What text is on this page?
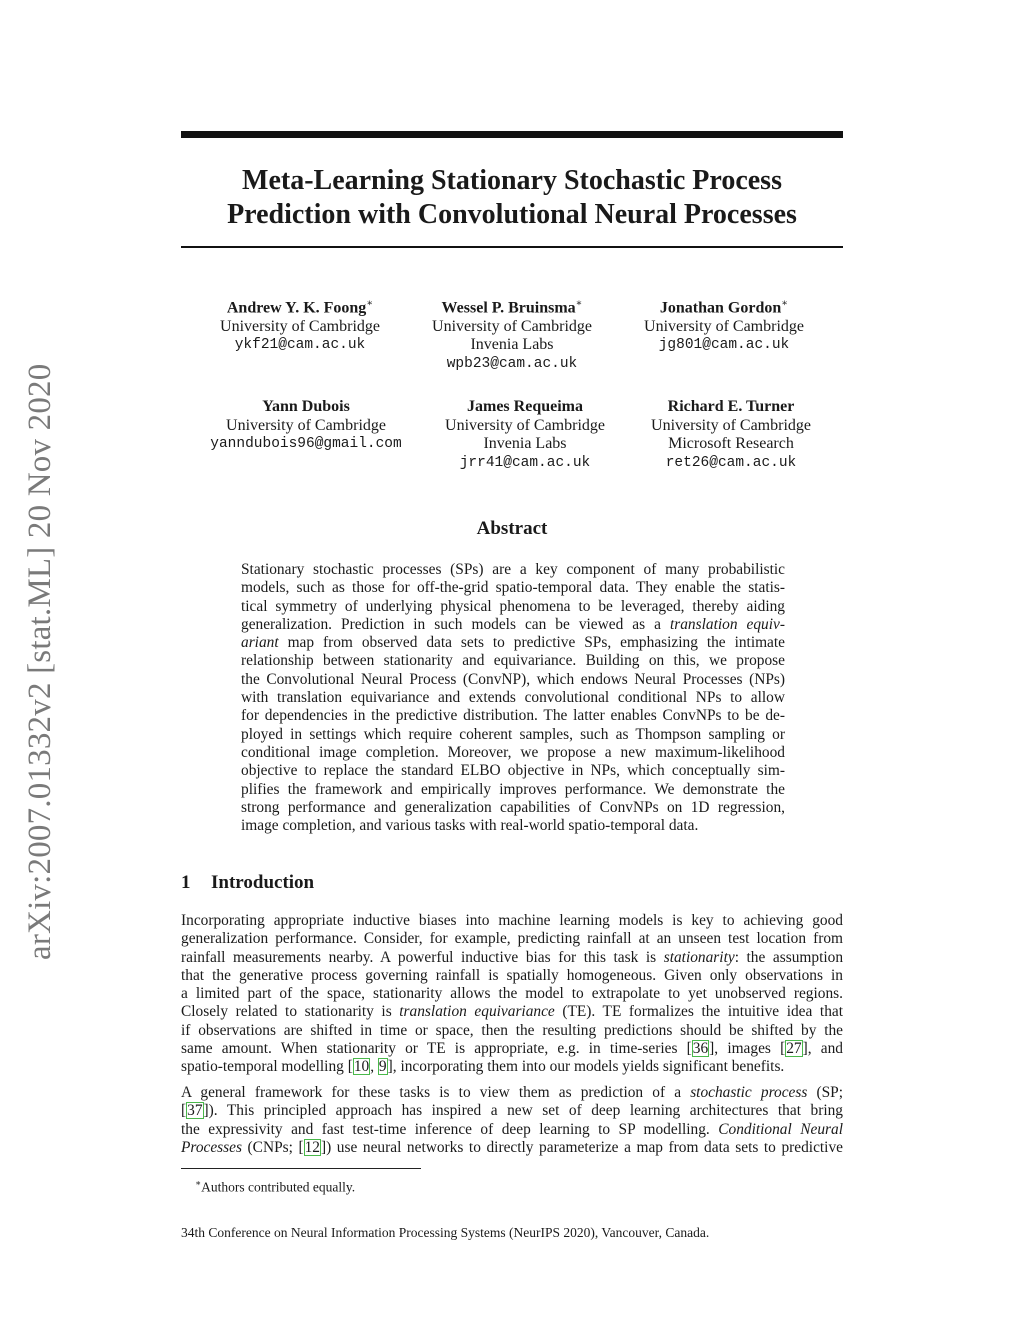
arXiv:2007.01332v2 [stat.ML] 20 Nov 2020
Meta-Learning Stationary Stochastic Process
Prediction with Convolutional Neural Processes
Andrew Y. K. Foong∗
University of Cambridge
ykf21@cam.ac.uk
Wessel P. Bruinsma∗
University of Cambridge
Invenia Labs
wpb23@cam.ac.uk
Jonathan Gordon∗
University of Cambridge
jg801@cam.ac.uk
Yann Dubois
University of Cambridge
yanndubois96@gmail.com
James Requeima
University of Cambridge
Invenia Labs
jrr41@cam.ac.uk
Richard E. Turner
University of Cambridge
Microsoft Research
ret26@cam.ac.uk
Abstract
Stationary stochastic processes (SPs) are a key component of many probabilistic
models, such as those for off-the-grid spatio-temporal data. They enable the statis-
tical symmetry of underlying physical phenomena to be leveraged, thereby aiding
generalization. Prediction in such models can be viewed as a translation equiv-
ariant map from observed data sets to predictive SPs, emphasizing the intimate
relationship between stationarity and equivariance. Building on this, we propose
the Convolutional Neural Process (ConvNP), which endows Neural Processes (NPs)
with translation equivariance and extends convolutional conditional NPs to allow
for dependencies in the predictive distribution. The latter enables ConvNPs to be de-
ployed in settings which require coherent samples, such as Thompson sampling or
conditional image completion. Moreover, we propose a new maximum-likelihood
objective to replace the standard ELBO objective in NPs, which conceptually sim-
plifies the framework and empirically improves performance. We demonstrate the
strong performance and generalization capabilities of ConvNPs on 1D regression,
image completion, and various tasks with real-world spatio-temporal data.
1 Introduction
Incorporating appropriate inductive biases into machine learning models is key to achieving good
generalization performance. Consider, for example, predicting rainfall at an unseen test location from
rainfall measurements nearby. A powerful inductive bias for this task is stationarity: the assumption
that the generative process governing rainfall is spatially homogeneous. Given only observations in
a limited part of the space, stationarity allows the model to extrapolate to yet unobserved regions.
Closely related to stationarity is translation equivariance (TE). TE formalizes the intuitive idea that
if observations are shifted in time or space, then the resulting predictions should be shifted by the
same amount. When stationarity or TE is appropriate, e.g. in time-series [36], images [27], and
spatio-temporal modelling [10, 9], incorporating them into our models yields significant benefits.
A general framework for these tasks is to view them as prediction of a stochastic process (SP;
[37]). This principled approach has inspired a new set of deep learning architectures that bring
the expressivity and fast test-time inference of deep learning to SP modelling. Conditional Neural
Processes (CNPs; [12]) use neural networks to directly parameterize a map from data sets to predictive
∗Authors contributed equally.
34th Conference on Neural Information Processing Systems (NeurIPS 2020), Vancouver, Canada.
